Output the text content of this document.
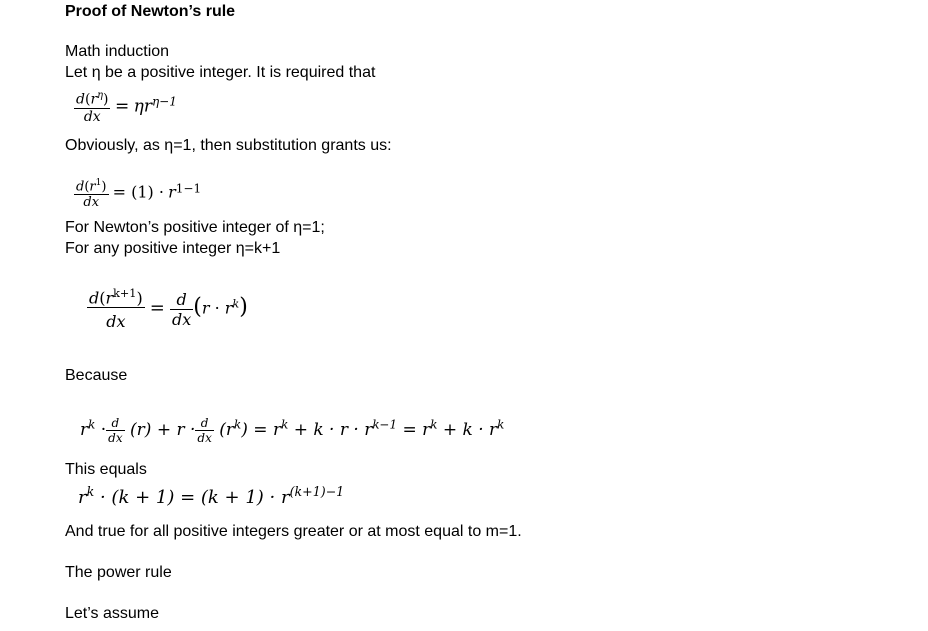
Proof of Newton’s rule
Math induction
Let η be a positive integer. It is required that
$\frac{d(r^\eta)}{dx} = \eta r\eta-1$
Obviously, as η=1, then substitution grants us:
$\frac{d(r^1)}{dx} = (1) \cdot r1-1$
For Newton’s positive integer of η=1;
For any positive integer η=k+1
$\frac{d(r^{k+1})}{dx} = \frac{d}{dx} (r \cdot r^k)$
Because
$r^k \cdot \frac{d}{dx} (r) + r \cdot \frac{d}{dx} (r^k) = r^k + k \cdot r \cdot r^{k-1} = r^k + k \cdot r^k$
This equals
$r^k \cdot (k + 1) = (k + 1) \cdot r^{(k+1)-1}$
And true for all positive integers greater or at most equal to m=1.
The power rule
Let’s assume
